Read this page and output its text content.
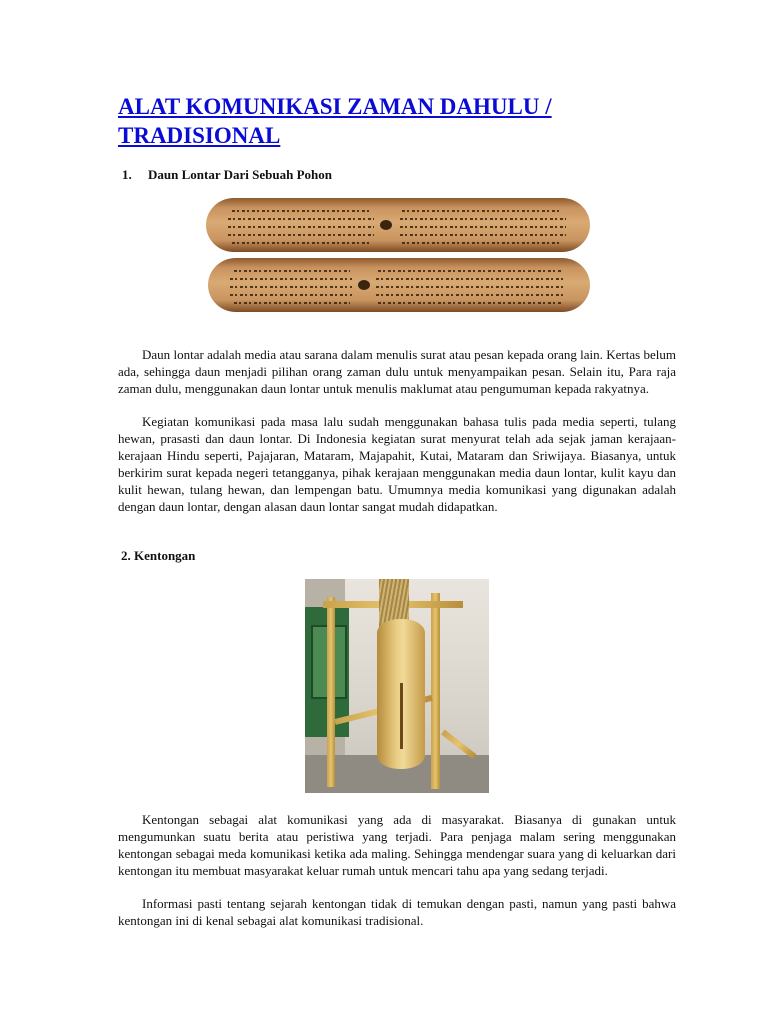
ALAT KOMUNIKASI ZAMAN DAHULU / TRADISIONAL
1. Daun Lontar Dari Sebuah Pohon

Daun lontar adalah media atau sarana dalam menulis surat atau pesan kepada orang lain. Kertas belum ada, sehingga daun menjadi pilihan orang zaman dulu untuk menyampaikan pesan. Selain itu, Para raja zaman dulu, menggunakan daun lontar untuk menulis maklumat atau pengumuman kepada rakyatnya.

Kegiatan komunikasi pada masa lalu sudah menggunakan bahasa tulis pada media seperti, tulang hewan, prasasti dan daun lontar. Di Indonesia kegiatan surat menyurat telah ada sejak jaman kerajaan-kerajaan Hindu seperti, Pajajaran, Mataram, Majapahit, Kutai, Mataram dan Sriwijaya. Biasanya, untuk berkirim surat kepada negeri tetangganya, pihak kerajaan menggunakan media daun lontar, kulit kayu dan kulit hewan, tulang hewan, dan lempengan batu. Umumnya media komunikasi yang digunakan adalah dengan daun lontar, dengan alasan daun lontar sangat mudah didapatkan.

2. Kentongan

Kentongan sebagai alat komunikasi yang ada di masyarakat. Biasanya di gunakan untuk mengumunkan suatu berita atau peristiwa yang terjadi. Para penjaga malam sering menggunakan kentongan sebagai meda komunikasi ketika ada maling. Sehingga mendengar suara yang di keluarkan dari kentongan itu membuat masyarakat keluar rumah untuk mencari tahu apa yang sedang terjadi.

Informasi pasti tentang sejarah kentongan tidak di temukan dengan pasti, namun yang pasti bahwa kentongan ini di kenal sebagai alat komunikasi tradisional.
